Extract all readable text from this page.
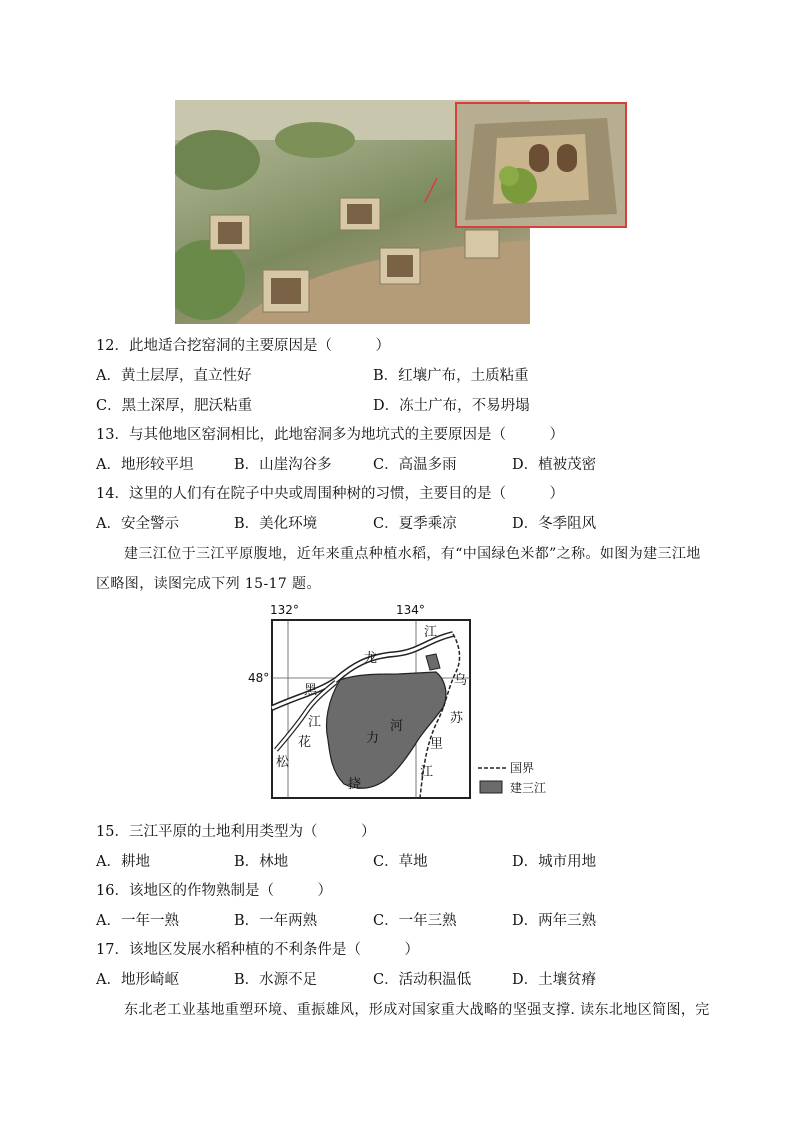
12．此地适合挖窑洞的主要原因是（　　　）
A．黄土层厚，直立性好	B．红壤广布，土质粘重
C．黑土深厚，肥沃粘重	D．冻土广布，不易坍塌
13．与其他地区窑洞相比，此地窑洞多为地坑式的主要原因是（　　　）
A．地形较平坦	B．山崖沟谷多	C．高温多雨	D．植被茂密
14．这里的人们有在院子中央或周围种树的习惯，主要目的是（　　　）
A．安全警示	B．美化环境	C．夏季乘凉	D．冬季阻风
建三江位于三江平原腹地，近年来重点种植水稻，有“中国绿色米都”之称。如图为建三江地
区略图，读图完成下列 15-17 题。
132°	134°
48°
龙
江
黑
乌
苏
里
江
江
花
松
力
河
挠
国界
建三江
15．三江平原的土地利用类型为（　　　）
A．耕地	B．林地	C．草地	D．城市用地
16．该地区的作物熟制是（　　　）
A．一年一熟	B．一年两熟	C．一年三熟	D．两年三熟
17．该地区发展水稻种植的不利条件是（　　　）
A．地形崎岖	B．水源不足	C．活动积温低	D．土壤贫瘠
东北老工业基地重塑环境、重振雄风，形成对国家重大战略的坚强支撑. 读东北地区简图，完
